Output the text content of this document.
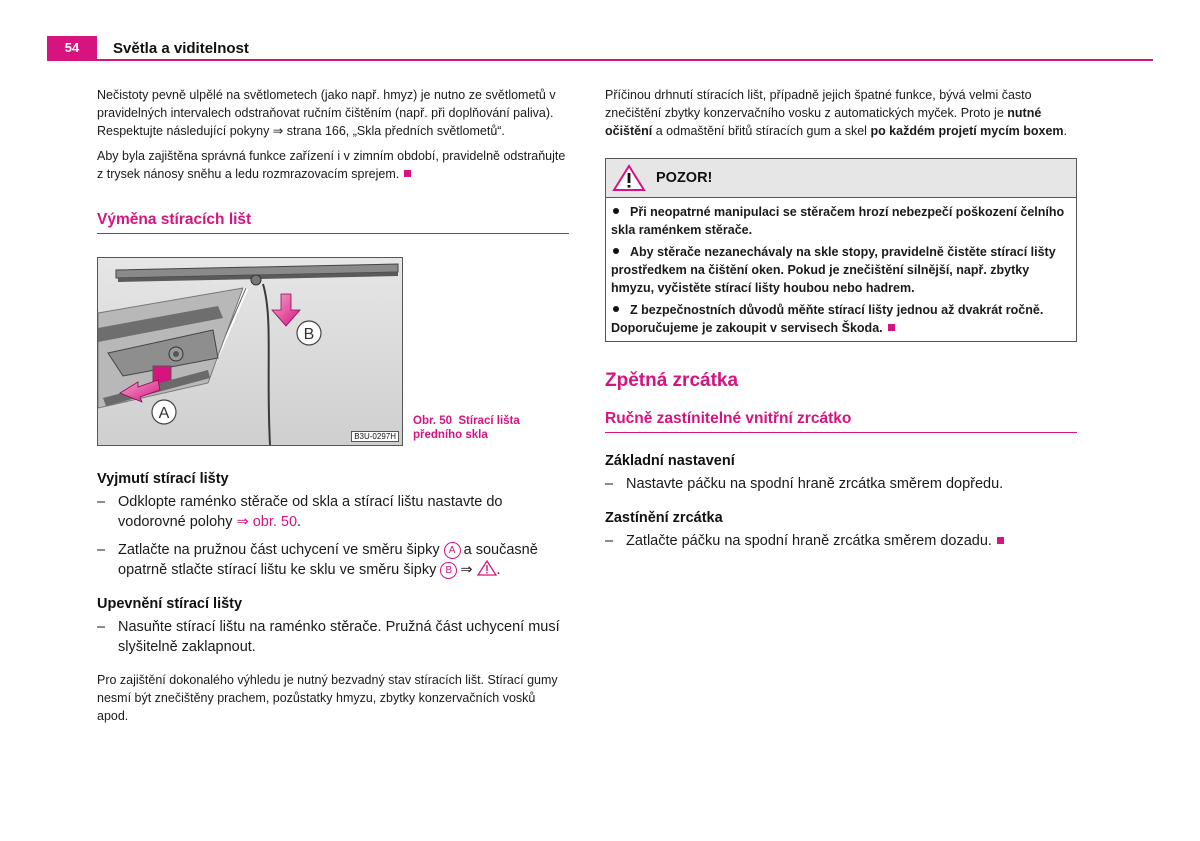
54	Světla a viditelnost

Nečistoty pevně ulpělé na světlometech (jako např. hmyz) je nutno ze světlometů v pravidelných intervalech odstraňovat ručním čištěním (např. při doplňování paliva). Respektujte následující pokyny ⇒ strana 166, „Skla předních světlometů“.

Aby byla zajištěna správná funkce zařízení i v zimním období, pravidelně odstraňujte z trysek nánosy sněhu a ledu rozmrazovacím sprejem.

Výměna stíracích lišt
B
A
B3U-0297H
Obr. 50 Stírací lišta předního skla
Vyjmutí stírací lišty
– Odklopte raménko stěrače od skla a stírací lištu nastavte do vodorovné polohy ⇒ obr. 50.
– Zatlačte na pružnou část uchycení ve směru šipky A a současně opatrně stlačte stírací lištu ke sklu ve směru šipky B ⇒ .
Upevnění stírací lišty
– Nasuňte stírací lištu na raménko stěrače. Pružná část uchycení musí slyšitelně zaklapnout.

Pro zajištění dokonalého výhledu je nutný bezvadný stav stíracích lišt. Stírací gumy nesmí být znečištěny prachem, pozůstatky hmyzu, zbytky konzervačních vosků apod.

Příčinou drhnutí stíracích lišt, případně jejich špatné funkce, bývá velmi často znečištění zbytky konzervačního vosku z automatických myček. Proto je nutné očištění a odmaštění břitů stíracích gum a skel po každém projetí mycím boxem.

POZOR!

Při neopatrné manipulaci se stěračem hrozí nebezpečí poškození čelního skla raménkem stěrače.

Aby stěrače nezanechávaly na skle stopy, pravidelně čistěte stírací lišty prostředkem na čištění oken. Pokud je znečištění silnější, např. zbytky hmyzu, vyčistěte stírací lišty houbou nebo hadrem.

Z bezpečnostních důvodů měňte stírací lišty jednou až dvakrát ročně. Doporučujeme je zakoupit v servisech Škoda.

Zpětná zrcátka
Ručně zastínitelné vnitřní zrcátko
Základní nastavení
– Nastavte páčku na spodní hraně zrcátka směrem dopředu.
Zastínění zrcátka
– Zatlačte páčku na spodní hraně zrcátka směrem dozadu.
